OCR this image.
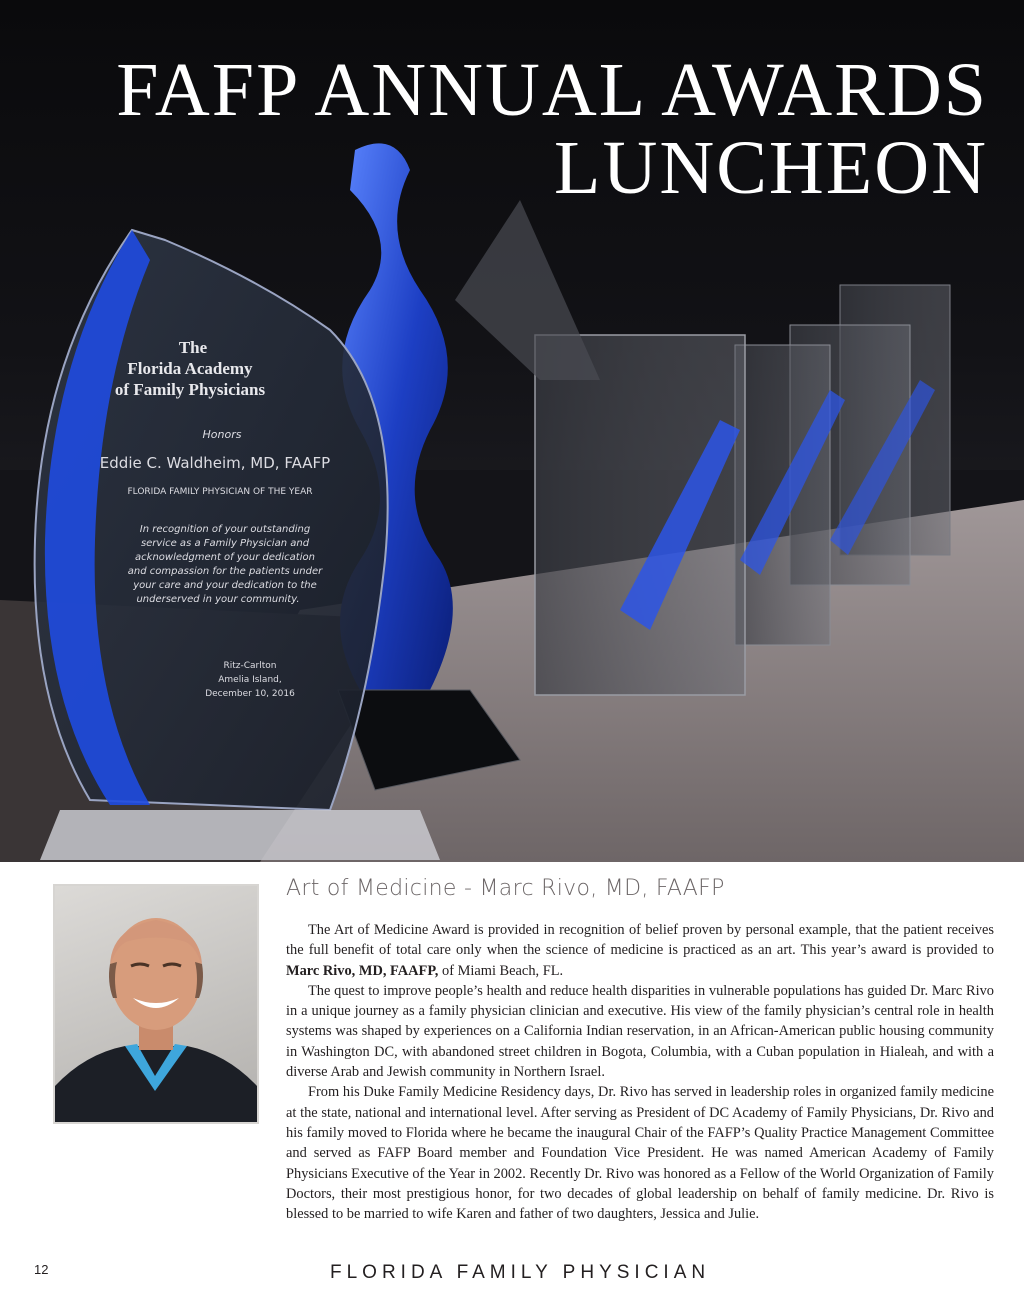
The
Florida Academy
of Family Physicians
Honors
Eddie C. Waldheim, MD, FAAFP
FLORIDA FAMILY PHYSICIAN OF THE YEAR
In recognition of your outstanding
service as a Family Physician and
acknowledgment of your dedication
and compassion for the patients under
your care and your dedication to the
underserved in your community.
Ritz-Carlton
Amelia Island,
December 10, 2016
FAFP ANNUAL AWARDS
LUNCHEON
Art of Medicine - Marc Rivo, MD, FAAFP

The Art of Medicine Award is provided in recognition of belief proven by personal example, that the patient receives the full benefit of total care only when the science of medicine is practiced as an art. This year’s award is provided to Marc Rivo, MD, FAAFP, of Miami Beach, FL.

The quest to improve people’s health and reduce health disparities in vulnerable populations has guided Dr. Marc Rivo in a unique journey as a family physician clinician and executive. His view of the family physician’s central role in health systems was shaped by experiences on a California Indian reservation, in an African-American public housing community in Washington DC, with abandoned street children in Bogota, Columbia, with a Cuban population in Hialeah, and with a diverse Arab and Jewish community in Northern Israel.

From his Duke Family Medicine Residency days, Dr. Rivo has served in leadership roles in organized family medicine at the state, national and international level. After serving as President of DC Academy of Family Physicians, Dr. Rivo and his family moved to Florida where he became the inaugural Chair of the FAFP’s Quality Practice Management Committee and served as FAFP Board member and Foundation Vice President. He was named American Academy of Family Physicians Executive of the Year in 2002. Recently Dr. Rivo was honored as a Fellow of the World Organization of Family Doctors, their most prestigious honor, for two decades of global leadership on behalf of family medicine. Dr. Rivo is blessed to be married to wife Karen and father of two daughters, Jessica and Julie.

12	FLORIDA FAMILY PHYSICIAN
